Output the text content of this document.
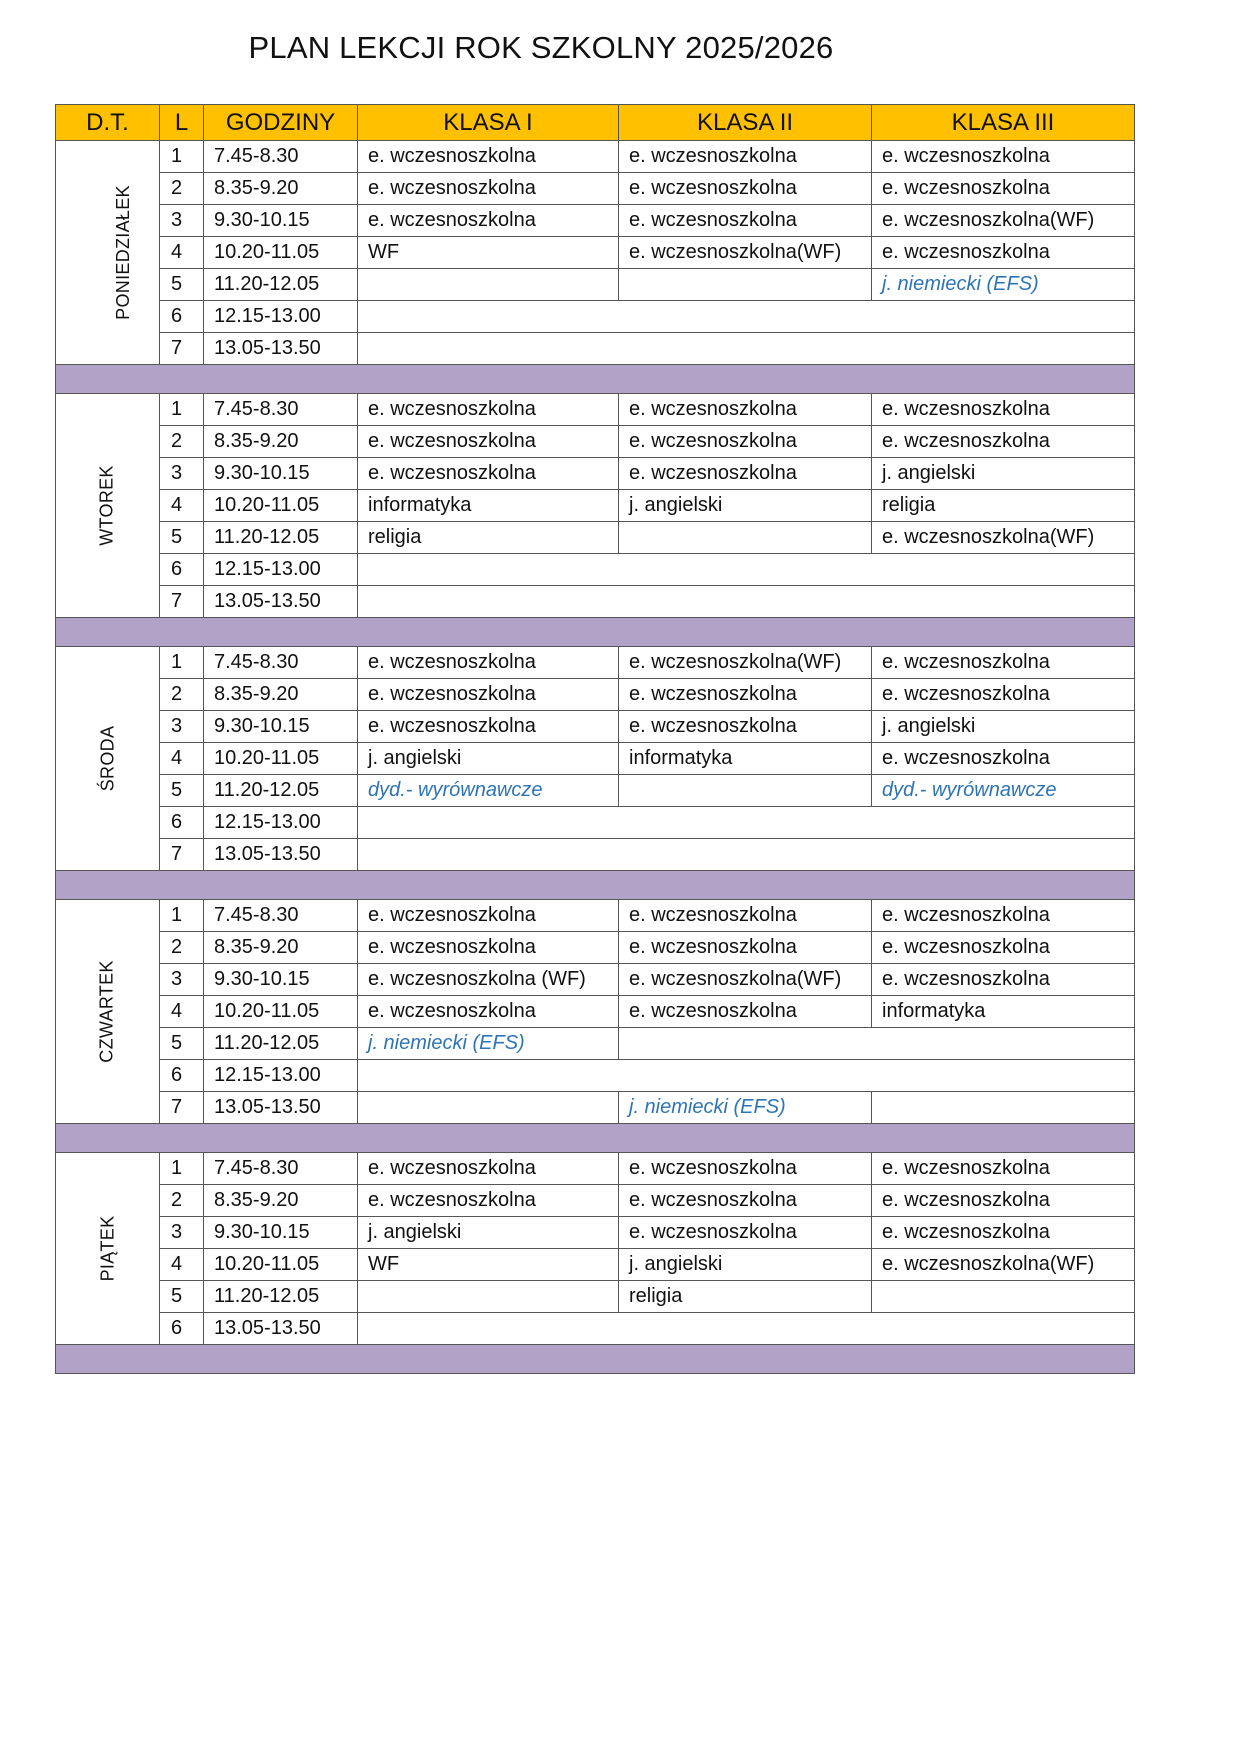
PLAN LEKCJI ROK SZKOLNY 2025/2026
D.T.	L	GODZINY	KLASA I	KLASA II	KLASA III
PONIEDZIAŁEK	1	7.45-8.30	e. wczesnoszkolna	e. wczesnoszkolna	e. wczesnoszkolna
	2	8.35-9.20	e. wczesnoszkolna	e. wczesnoszkolna	e. wczesnoszkolna
	3	9.30-10.15	e. wczesnoszkolna	e. wczesnoszkolna	e. wczesnoszkolna(WF)
	4	10.20-11.05	WF	e. wczesnoszkolna(WF)	e. wczesnoszkolna
	5	11.20-12.05			j. niemiecki (EFS)
	6	12.15-13.00			
	7	13.05-13.50			

WTOREK	1	7.45-8.30	e. wczesnoszkolna	e. wczesnoszkolna	e. wczesnoszkolna
	2	8.35-9.20	e. wczesnoszkolna	e. wczesnoszkolna	e. wczesnoszkolna
	3	9.30-10.15	e. wczesnoszkolna	e. wczesnoszkolna	j. angielski
	4	10.20-11.05	informatyka	j. angielski	religia
	5	11.20-12.05	religia		e. wczesnoszkolna(WF)
	6	12.15-13.00			
	7	13.05-13.50			

ŚRODA	1	7.45-8.30	e. wczesnoszkolna	e. wczesnoszkolna(WF)	e. wczesnoszkolna
	2	8.35-9.20	e. wczesnoszkolna	e. wczesnoszkolna	e. wczesnoszkolna
	3	9.30-10.15	e. wczesnoszkolna	e. wczesnoszkolna	j. angielski
	4	10.20-11.05	j. angielski	informatyka	e. wczesnoszkolna
	5	11.20-12.05	dyd.- wyrównawcze		dyd.- wyrównawcze
	6	12.15-13.00			
	7	13.05-13.50			

CZWARTEK	1	7.45-8.30	e. wczesnoszkolna	e. wczesnoszkolna	e. wczesnoszkolna
	2	8.35-9.20	e. wczesnoszkolna	e. wczesnoszkolna	e. wczesnoszkolna
	3	9.30-10.15	e. wczesnoszkolna (WF)	e. wczesnoszkolna(WF)	e. wczesnoszkolna
	4	10.20-11.05	e. wczesnoszkolna	e. wczesnoszkolna	informatyka
	5	11.20-12.05	j. niemiecki (EFS)		
	6	12.15-13.00			
	7	13.05-13.50		j. niemiecki (EFS)	

PIĄTEK	1	7.45-8.30	e. wczesnoszkolna	e. wczesnoszkolna	e. wczesnoszkolna
	2	8.35-9.20	e. wczesnoszkolna	e. wczesnoszkolna	e. wczesnoszkolna
	3	9.30-10.15	j. angielski	e. wczesnoszkolna	e. wczesnoszkolna
	4	10.20-11.05	WF	j. angielski	e. wczesnoszkolna(WF)
	5	11.20-12.05		religia	
	6	13.05-13.50			
